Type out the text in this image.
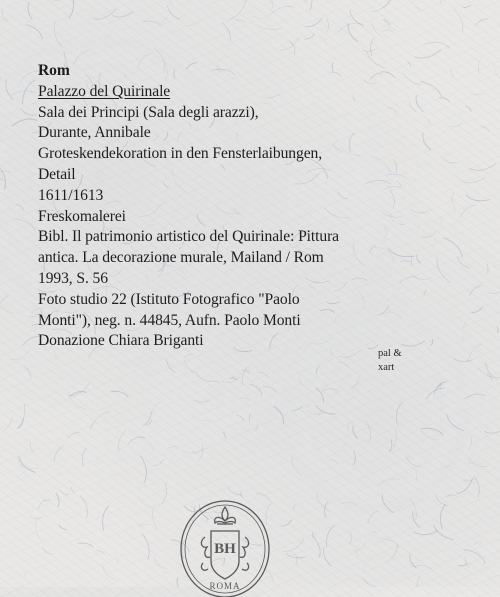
Rom
Palazzo del Quirinale
Sala dei Principi (Sala degli arazzi),
Durante, Annibale
Groteskendekoration in den Fensterlaibungen,
Detail
1611/1613
Freskomalerei
Bibl. Il patrimonio artistico del Quirinale: Pittura
antica. La decorazione murale, Mailand / Rom
1993, S. 56
Foto studio 22 (Istituto Fotografico "Paolo
Monti"), neg. n. 44845, Aufn. Paolo Monti
Donazione Chiara Briganti
pal &
xart
BH
ROMA
